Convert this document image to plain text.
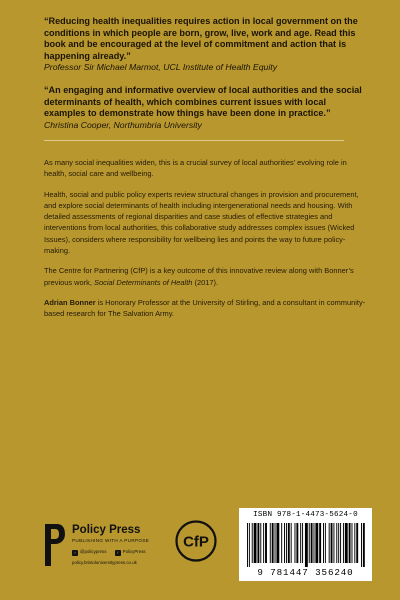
“Reducing health inequalities requires action in local government on the conditions in which people are born, grow, live, work and age. Read this book and be encouraged at the level of commitment and action that is happening already.”
Professor Sir Michael Marmot, UCL Institute of Health Equity
“An engaging and informative overview of local authorities and the social determinants of health, which combines current issues with local examples to demonstrate how things have been done in practice.”
Christina Cooper, Northumbria University

As many social inequalities widen, this is a crucial survey of local authorities’ evolving role in health, social care and wellbeing.

Health, social and public policy experts review structural changes in provision and procurement, and explore social determinants of health including intergenerational needs and housing. With detailed assessments of regional disparities and case studies of effective strategies and interventions from local authorities, this collaborative study addresses complex issues (Wicked Issues), considers where responsibility for wellbeing lies and points the way to future policy-making.

The Centre for Partnering (CfP) is a key outcome of this innovative review along with Bonner’s previous work, Social Determinants of Health (2017).

Adrian Bonner is Honorary Professor at the University of Stirling, and a consultant in community-based research for The Salvation Army.

Policy Press
PUBLISHING WITH A PURPOSE
t @policypress	f PolicyPress
policy.bristoluniversitypress.co.uk
CfP
ISBN 978-1-4473-5624-0
9 781447 356240
